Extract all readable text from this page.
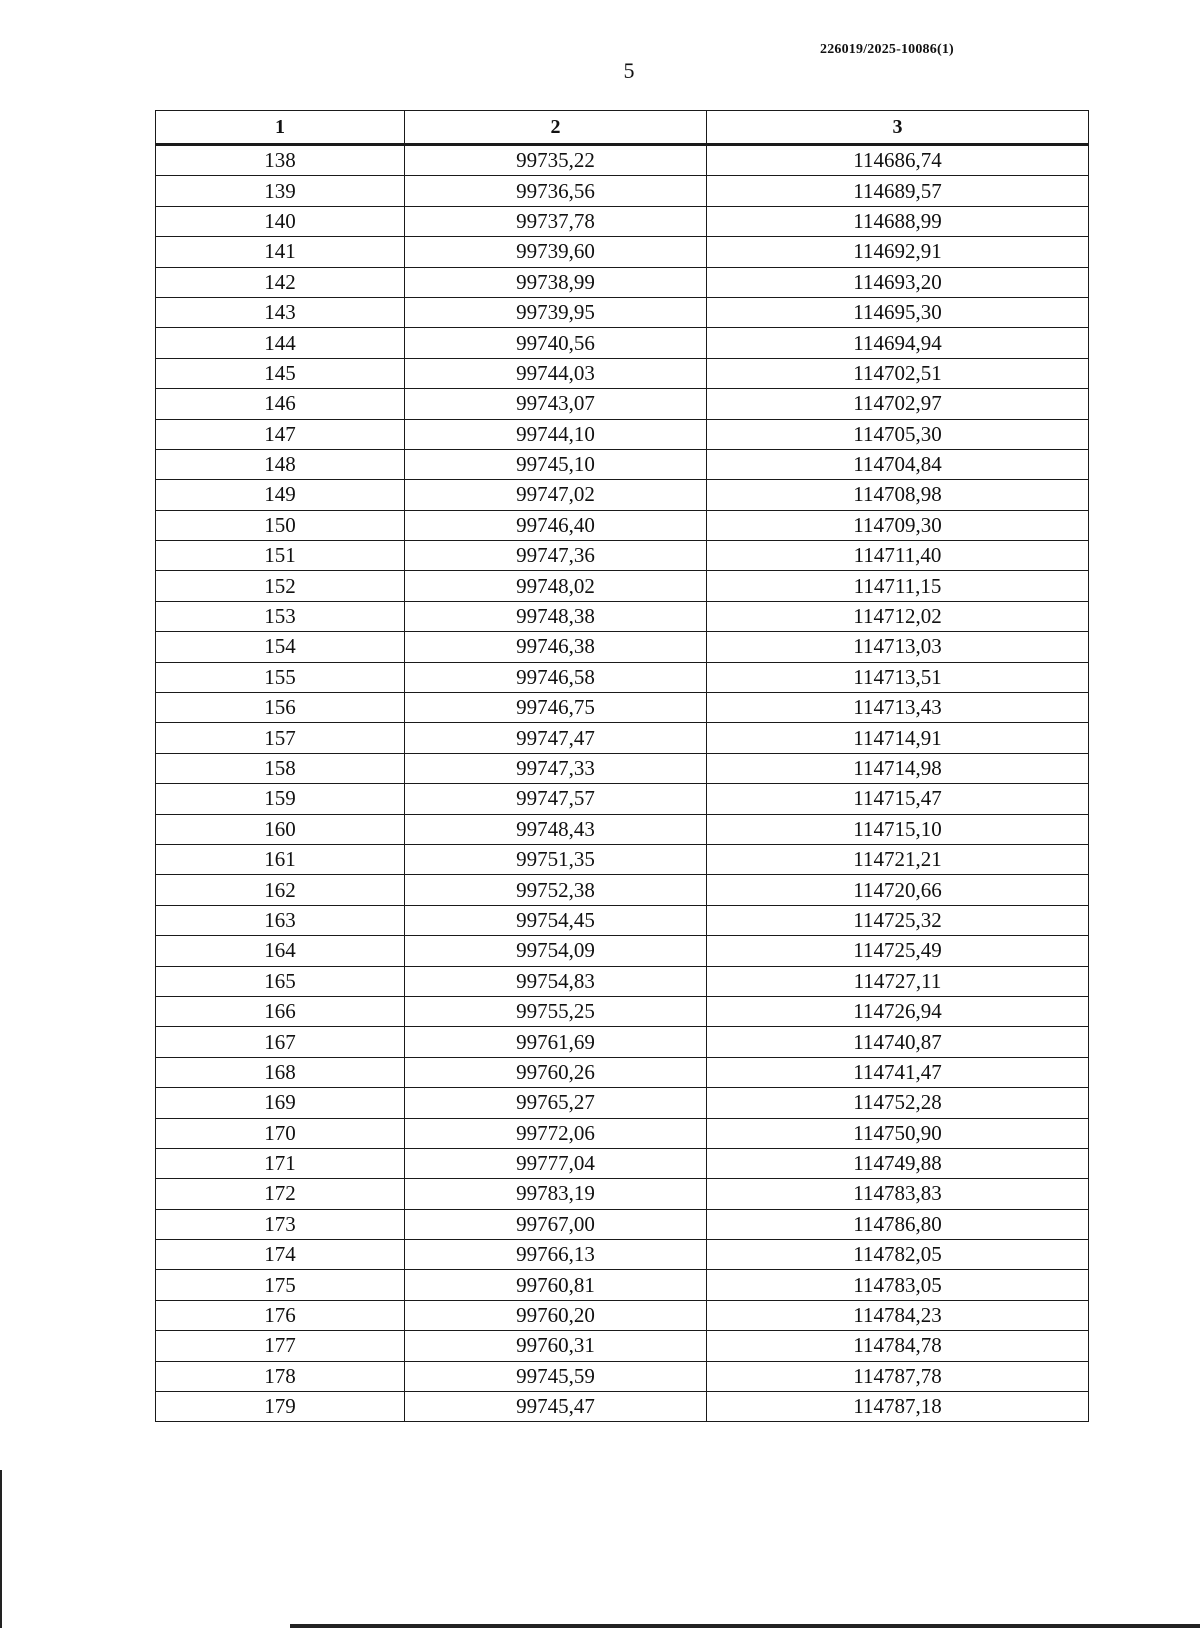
226019/2025-10086(1)
5
1	2	3
138	99735,22	114686,74
139	99736,56	114689,57
140	99737,78	114688,99
141	99739,60	114692,91
142	99738,99	114693,20
143	99739,95	114695,30
144	99740,56	114694,94
145	99744,03	114702,51
146	99743,07	114702,97
147	99744,10	114705,30
148	99745,10	114704,84
149	99747,02	114708,98
150	99746,40	114709,30
151	99747,36	114711,40
152	99748,02	114711,15
153	99748,38	114712,02
154	99746,38	114713,03
155	99746,58	114713,51
156	99746,75	114713,43
157	99747,47	114714,91
158	99747,33	114714,98
159	99747,57	114715,47
160	99748,43	114715,10
161	99751,35	114721,21
162	99752,38	114720,66
163	99754,45	114725,32
164	99754,09	114725,49
165	99754,83	114727,11
166	99755,25	114726,94
167	99761,69	114740,87
168	99760,26	114741,47
169	99765,27	114752,28
170	99772,06	114750,90
171	99777,04	114749,88
172	99783,19	114783,83
173	99767,00	114786,80
174	99766,13	114782,05
175	99760,81	114783,05
176	99760,20	114784,23
177	99760,31	114784,78
178	99745,59	114787,78
179	99745,47	114787,18
